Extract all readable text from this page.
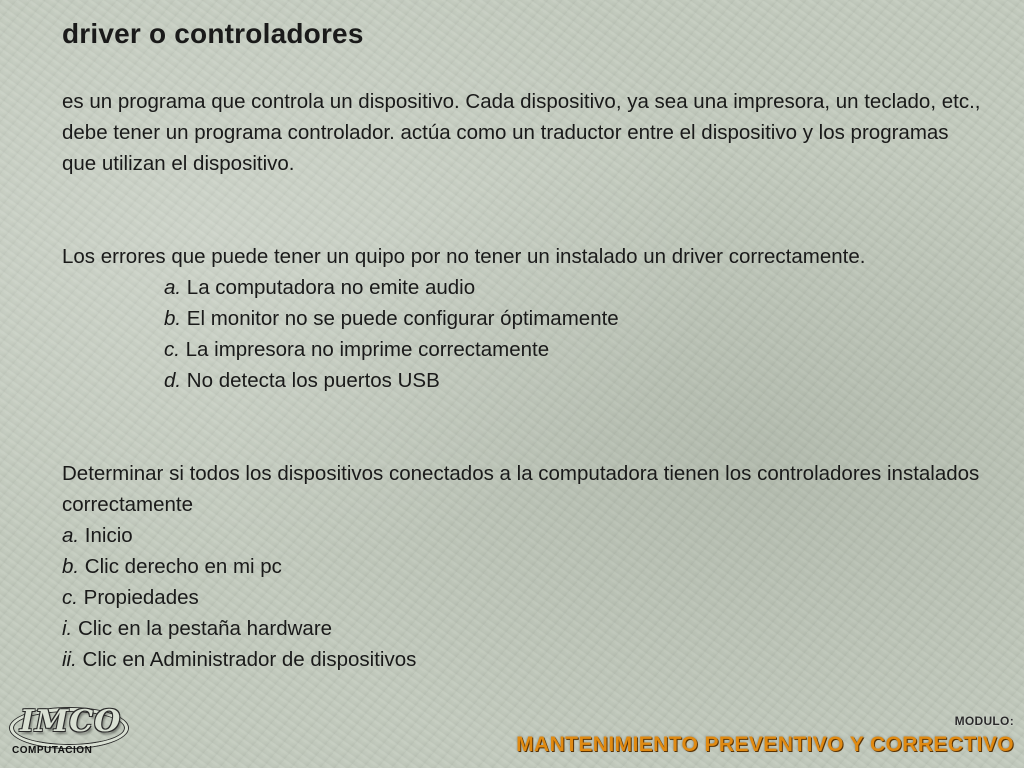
driver o controladores

es un programa que controla un dispositivo. Cada dispositivo, ya sea una impresora, un teclado, etc., debe tener un programa controlador. actúa como un traductor entre el dispositivo y los programas que utilizan el dispositivo.

Los errores que puede tener un quipo por no tener un instalado un driver correctamente.

a. La computadora no emite audio
b. El monitor no se puede configurar óptimamente
c. La impresora no imprime correctamente
d. No detecta los puertos USB

Determinar si todos los dispositivos conectados a la computadora tienen los controladores instalados correctamente

a. Inicio
b. Clic derecho en mi pc
c. Propiedades
i. Clic en la pestaña hardware
ii. Clic en Administrador de dispositivos
IMCO
COMPUTACION
MODULO:
MANTENIMIENTO PREVENTIVO Y CORRECTIVO
